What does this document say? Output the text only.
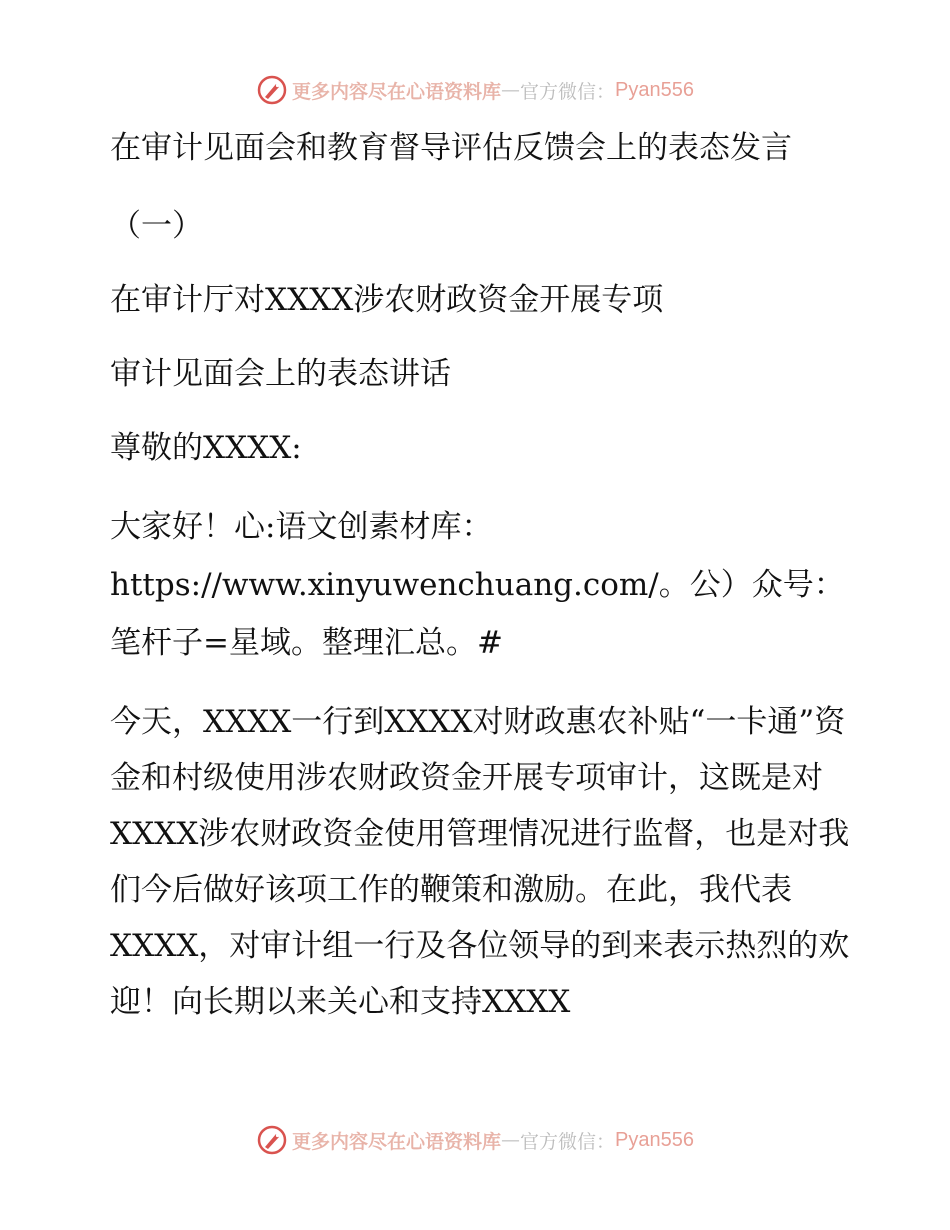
更多内容尽在心语资料库 — 官方微信： Pyan556

在审计见面会和教育督导评估反馈会上的表态发言

（一）

在审计厅对XXXX涉农财政资金开展专项

审计见面会上的表态讲话

尊敬的XXXX:

大家好！心:语文创素材库：https://www.xinyuwenchuang.com/。公）众号：笔杆子=星域。整理汇总。#

今天，XXXX一行到XXXX对财政惠农补贴“一卡通”资金和村级使用涉农财政资金开展专项审计，这既是对XXXX涉农财政资金使用管理情况进行监督，也是对我们今后做好该项工作的鞭策和激励。在此，我代表XXXX，对审计组一行及各位领导的到来表示热烈的欢迎！向长期以来关心和支持XXXX

更多内容尽在心语资料库 — 官方微信： Pyan556
